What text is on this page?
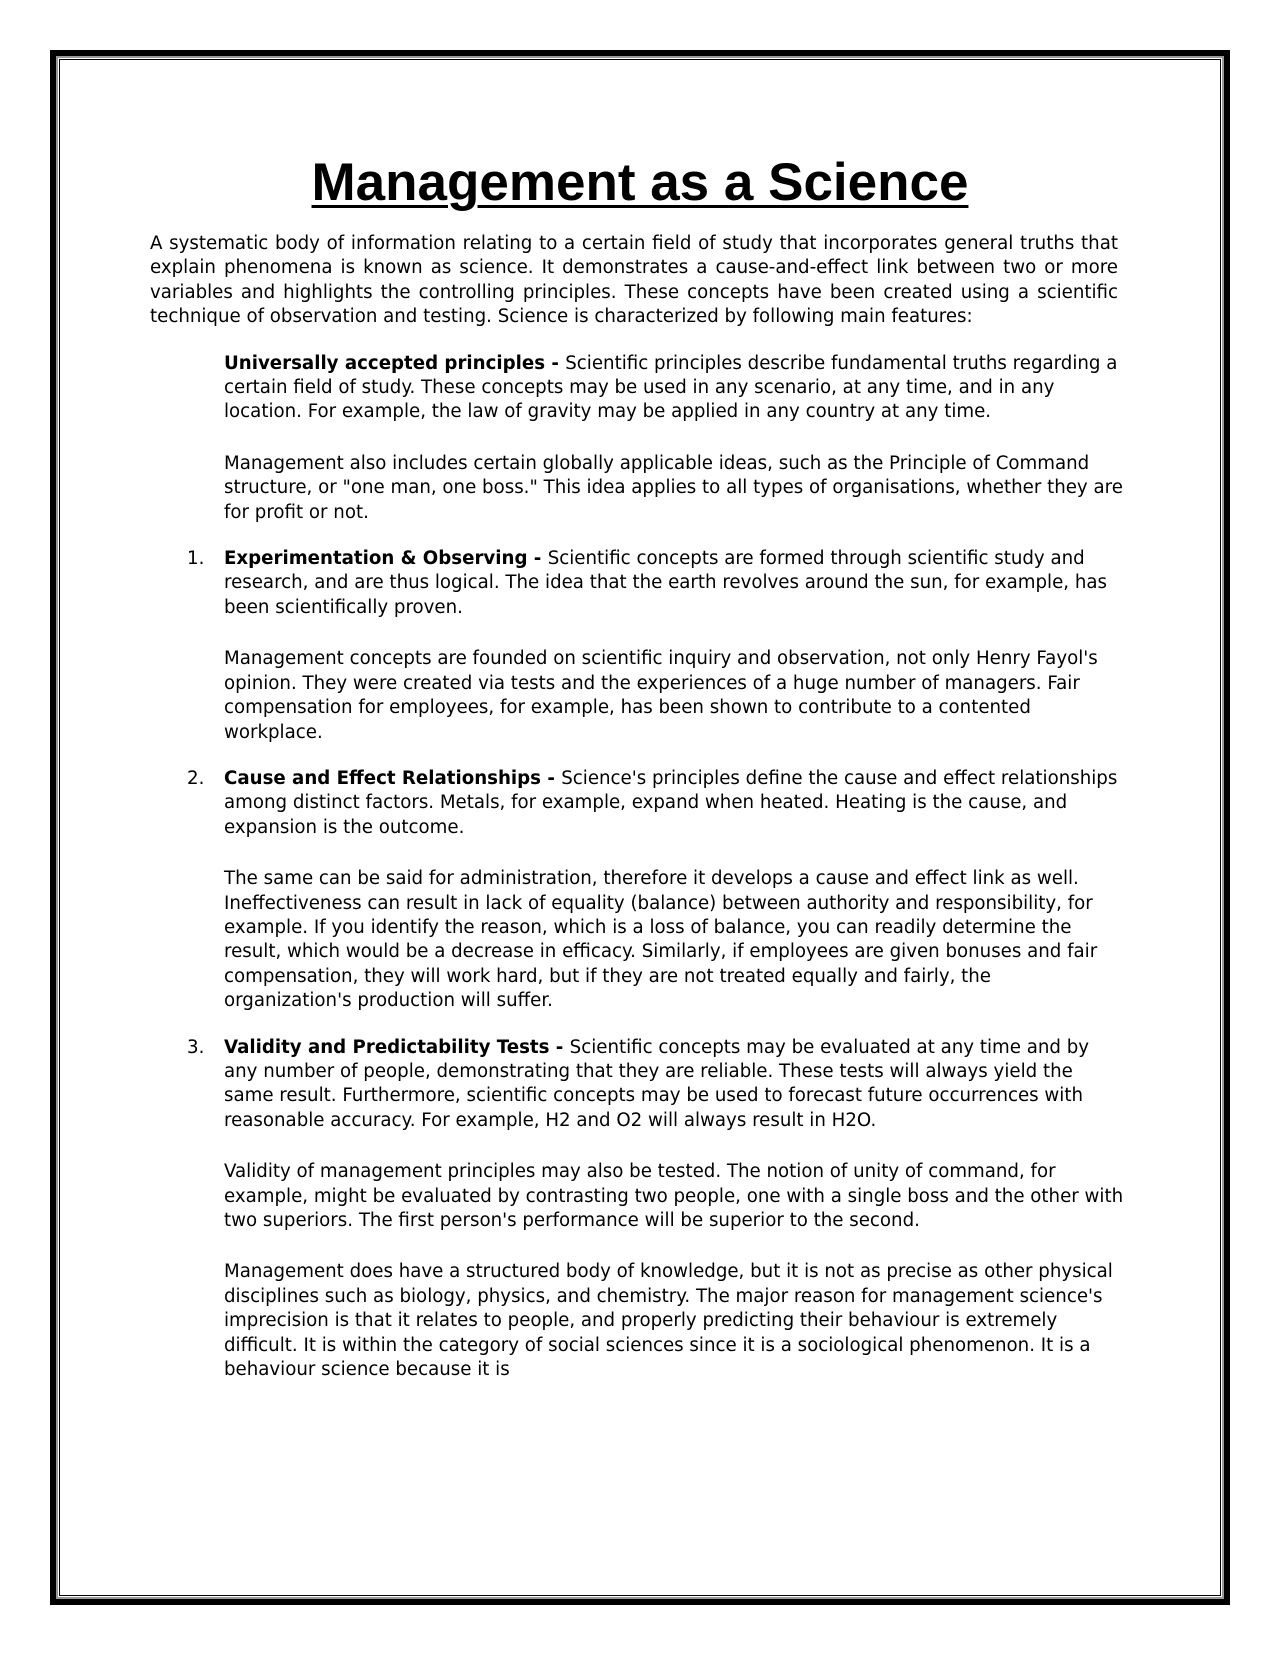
Management as a Science

A systematic body of information relating to a certain field of study that incorporates general truths that explain phenomena is known as science. It demonstrates a cause-and-effect link between two or more variables and highlights the controlling principles. These concepts have been created using a scientific technique of observation and testing. Science is characterized by following main features:

Universally accepted principles - Scientific principles describe fundamental truths regarding a certain field of study. These concepts may be used in any scenario, at any time, and in any location. For example, the law of gravity may be applied in any country at any time.

Management also includes certain globally applicable ideas, such as the Principle of Command structure, or "one man, one boss." This idea applies to all types of organisations, whether they are for profit or not.

1. Experimentation & Observing - Scientific concepts are formed through scientific study and research, and are thus logical. The idea that the earth revolves around the sun, for example, has been scientifically proven.

Management concepts are founded on scientific inquiry and observation, not only Henry Fayol's opinion. They were created via tests and the experiences of a huge number of managers. Fair compensation for employees, for example, has been shown to contribute to a contented workplace.

2. Cause and Effect Relationships - Science's principles define the cause and effect relationships among distinct factors. Metals, for example, expand when heated. Heating is the cause, and expansion is the outcome.

The same can be said for administration, therefore it develops a cause and effect link as well. Ineffectiveness can result in lack of equality (balance) between authority and responsibility, for example. If you identify the reason, which is a loss of balance, you can readily determine the result, which would be a decrease in efficacy. Similarly, if employees are given bonuses and fair compensation, they will work hard, but if they are not treated equally and fairly, the organization's production will suffer.

3. Validity and Predictability Tests - Scientific concepts may be evaluated at any time and by any number of people, demonstrating that they are reliable. These tests will always yield the same result. Furthermore, scientific concepts may be used to forecast future occurrences with reasonable accuracy. For example, H2 and O2 will always result in H2O.

Validity of management principles may also be tested. The notion of unity of command, for example, might be evaluated by contrasting two people, one with a single boss and the other with two superiors. The first person's performance will be superior to the second.

Management does have a structured body of knowledge, but it is not as precise as other physical disciplines such as biology, physics, and chemistry. The major reason for management science's imprecision is that it relates to people, and properly predicting their behaviour is extremely difficult. It is within the category of social sciences since it is a sociological phenomenon. It is a behaviour science because it is
